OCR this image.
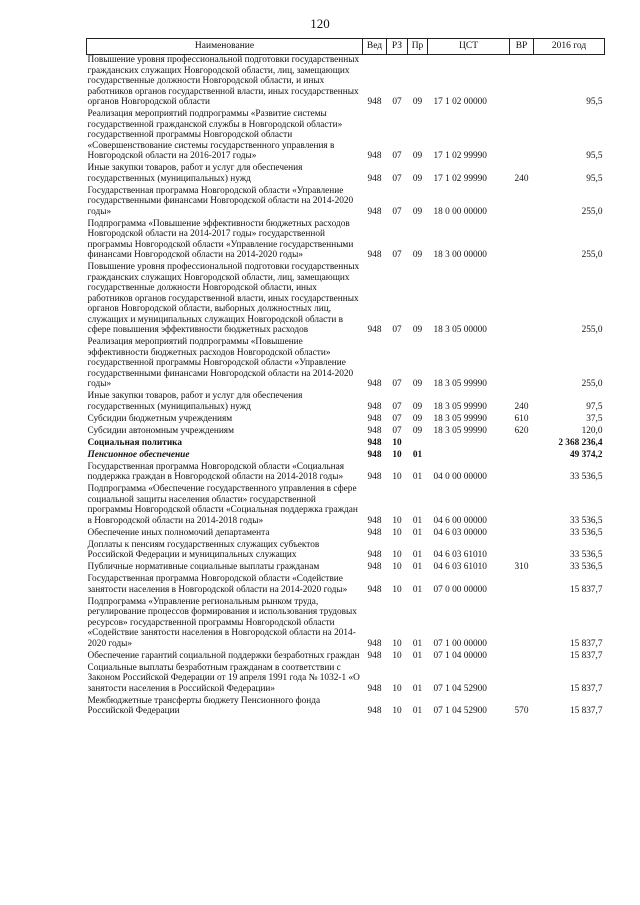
120
Наименование	Вед	РЗ	Пр	ЦСТ	ВР	2016 год
Повышение уровня профессиональной подготовки государственных гражданских служащих Новгородской области, лиц, замещающих государственные должности Новгородской области, и иных работников органов государственной власти, иных государственных органов Новгородской области	948	07	09	17 1 02 00000		95,5
Реализация мероприятий подпрограммы «Развитие системы государственной гражданской службы в Новгородской области» государственной программы Новгородской области «Совершенствование системы государственного управления в Новгородской области на 2016-2017 годы»	948	07	09	17 1 02 99990		95,5
Иные закупки товаров, работ и услуг для обеспечения государственных (муниципальных) нужд	948	07	09	17 1 02 99990	240	95,5
Государственная программа Новгородской области «Управление государственными финансами Новгородской области на 2014-2020 годы»	948	07	09	18 0 00 00000		255,0
Подпрограмма «Повышение эффективности бюджетных расходов Новгородской области на 2014-2017 годы» государственной программы Новгородской области «Управление государственными финансами Новгородской области на 2014-2020 годы»	948	07	09	18 3 00 00000		255,0
Повышение уровня профессиональной подготовки государственных гражданских служащих Новгородской области, лиц, замещающих государственные должности Новгородской области, иных работников органов государственной власти, иных государственных органов Новгородской области, выборных должностных лиц, служащих и муниципальных служащих Новгородской области в сфере повышения эффективности бюджетных расходов	948	07	09	18 3 05 00000		255,0
Реализация мероприятий подпрограммы «Повышение эффективности бюджетных расходов Новгородской области» государственной программы Новгородской области «Управление государственными финансами Новгородской области на 2014-2020 годы»	948	07	09	18 3 05 99990		255,0
Иные закупки товаров, работ и услуг для обеспечения государственных (муниципальных) нужд	948	07	09	18 3 05 99990	240	97,5
Субсидии бюджетным учреждениям	948	07	09	18 3 05 99990	610	37,5
Субсидии автономным учреждениям	948	07	09	18 3 05 99990	620	120,0
Социальная политика	948	10				2 368 236,4
Пенсионное обеспечение	948	10	01			49 374,2
Государственная программа Новгородской области «Социальная поддержка граждан в Новгородской области на 2014-2018 годы»	948	10	01	04 0 00 00000		33 536,5
Подпрограмма «Обеспечение государственного управления в сфере социальной защиты населения области» государственной программы Новгородской области «Социальная поддержка граждан в Новгородской области на 2014-2018 годы»	948	10	01	04 6 00 00000		33 536,5
Обеспечение иных полномочий департамента	948	10	01	04 6 03 00000		33 536,5
Доплаты к пенсиям государственных служащих субъектов Российской Федерации и муниципальных служащих	948	10	01	04 6 03 61010		33 536,5
Публичные нормативные социальные выплаты гражданам	948	10	01	04 6 03 61010	310	33 536,5
Государственная программа Новгородской области «Содействие занятости населения в Новгородской области на 2014-2020 годы»	948	10	01	07 0 00 00000		15 837,7
Подпрограмма «Управление региональным рынком труда, регулирование процессов формирования и использования трудовых ресурсов» государственной программы Новгородской области «Содействие занятости населения в Новгородской области на 2014-2020 годы»	948	10	01	07 1 00 00000		15 837,7
Обеспечение гарантий социальной поддержки безработных граждан	948	10	01	07 1 04 00000		15 837,7
Социальные выплаты безработным гражданам в соответствии с Законом Российской Федерации от 19 апреля 1991 года № 1032-1 «О занятости населения в Российской Федерации»	948	10	01	07 1 04 52900		15 837,7
Межбюджетные трансферты бюджету Пенсионного фонда Российской Федерации	948	10	01	07 1 04 52900	570	15 837,7
